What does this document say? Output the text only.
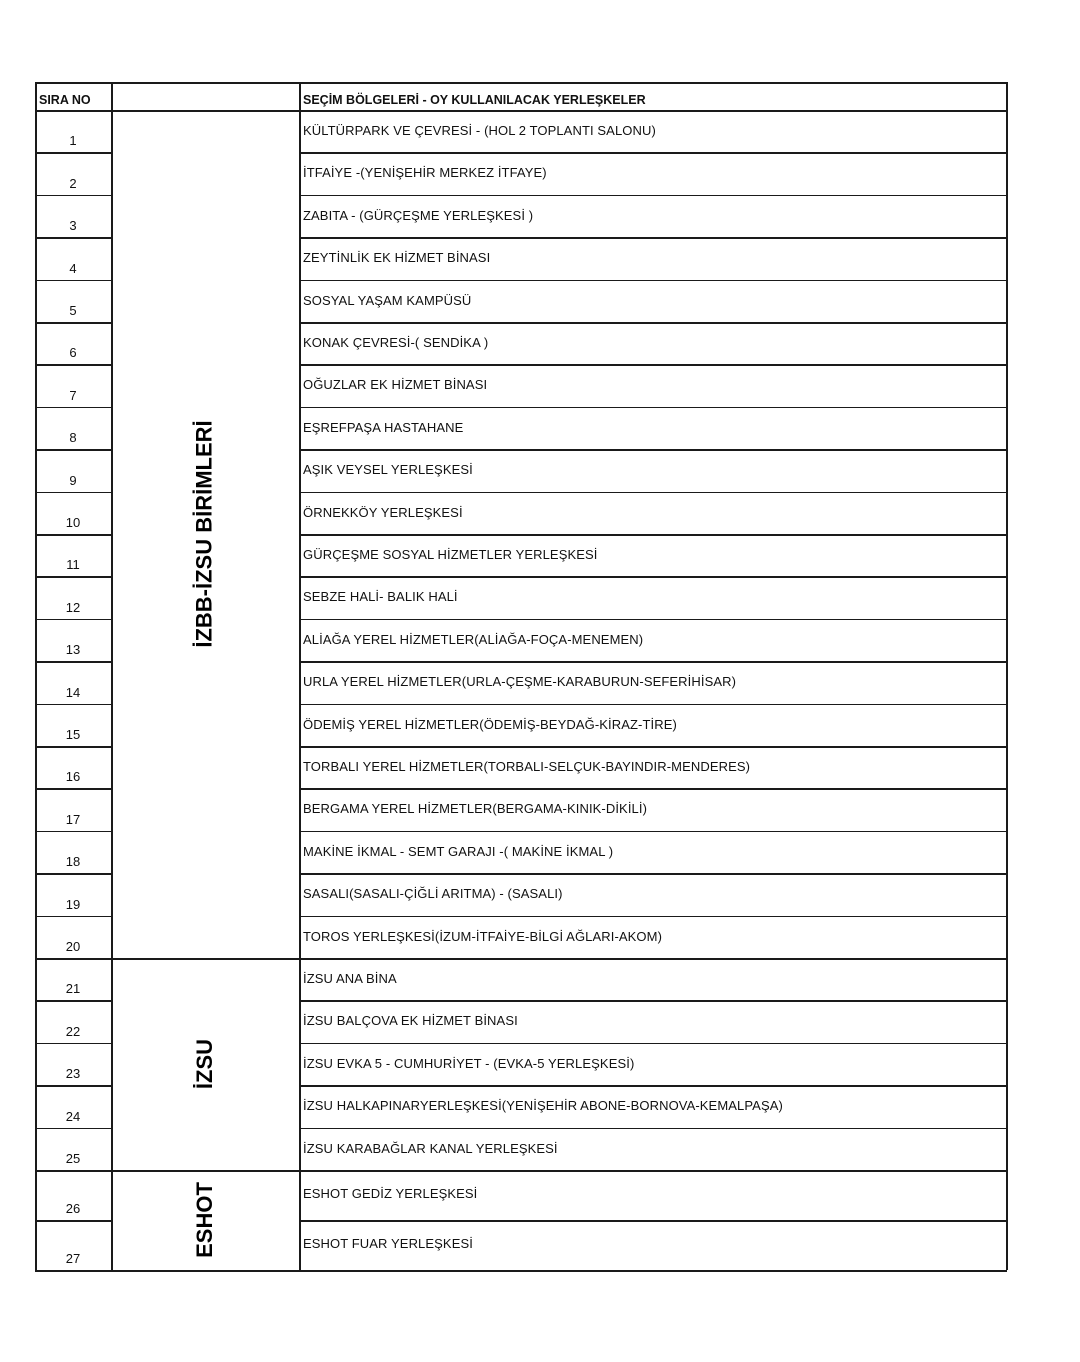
SIRA NO	SEÇİM BÖLGELERİ - OY KULLANILACAK YERLEŞKELER
1
KÜLTÜRPARK VE ÇEVRESİ - (HOL 2 TOPLANTI SALONU)
2
İTFAİYE -(YENİŞEHİR MERKEZ İTFAYE)
3
ZABITA - (GÜRÇEŞME YERLEŞKESİ )
4
ZEYTİNLİK EK HİZMET BİNASI
5
SOSYAL YAŞAM KAMPÜSÜ
6
KONAK ÇEVRESİ-( SENDİKA )
7
OĞUZLAR EK HİZMET BİNASI
8
EŞREFPAŞA HASTAHANE
9
AŞIK VEYSEL YERLEŞKESİ
10
ÖRNEKKÖY YERLEŞKESİ
11
GÜRÇEŞME SOSYAL HİZMETLER YERLEŞKESİ
12
SEBZE HALİ- BALIK HALİ
13
ALİAĞA YEREL HİZMETLER(ALİAĞA-FOÇA-MENEMEN)
14
URLA YEREL HİZMETLER(URLA-ÇEŞME-KARABURUN-SEFERİHİSAR)
15
ÖDEMİŞ YEREL HİZMETLER(ÖDEMİŞ-BEYDAĞ-KİRAZ-TİRE)
16
TORBALI YEREL HİZMETLER(TORBALI-SELÇUK-BAYINDIR-MENDERES)
17
BERGAMA YEREL HİZMETLER(BERGAMA-KINIK-DİKİLİ)
18
MAKİNE İKMAL - SEMT GARAJI -( MAKİNE İKMAL )
19
SASALI(SASALI-ÇİĞLİ ARITMA) - (SASALI)
20
TOROS YERLEŞKESİ(İZUM-İTFAİYE-BİLGİ AĞLARI-AKOM)
21
İZSU ANA BİNA
22
İZSU BALÇOVA EK HİZMET BİNASI
23
İZSU EVKA 5 - CUMHURİYET - (EVKA-5 YERLEŞKESİ)
24
İZSU HALKAPINARYERLEŞKESİ(YENİŞEHİR ABONE-BORNOVA-KEMALPAŞA)
25
İZSU KARABAĞLAR KANAL YERLEŞKESİ
26
ESHOT GEDİZ YERLEŞKESİ
27
ESHOT FUAR YERLEŞKESİ
İZBB-İZSU BİRİMLERİ
İZSU
ESHOT
